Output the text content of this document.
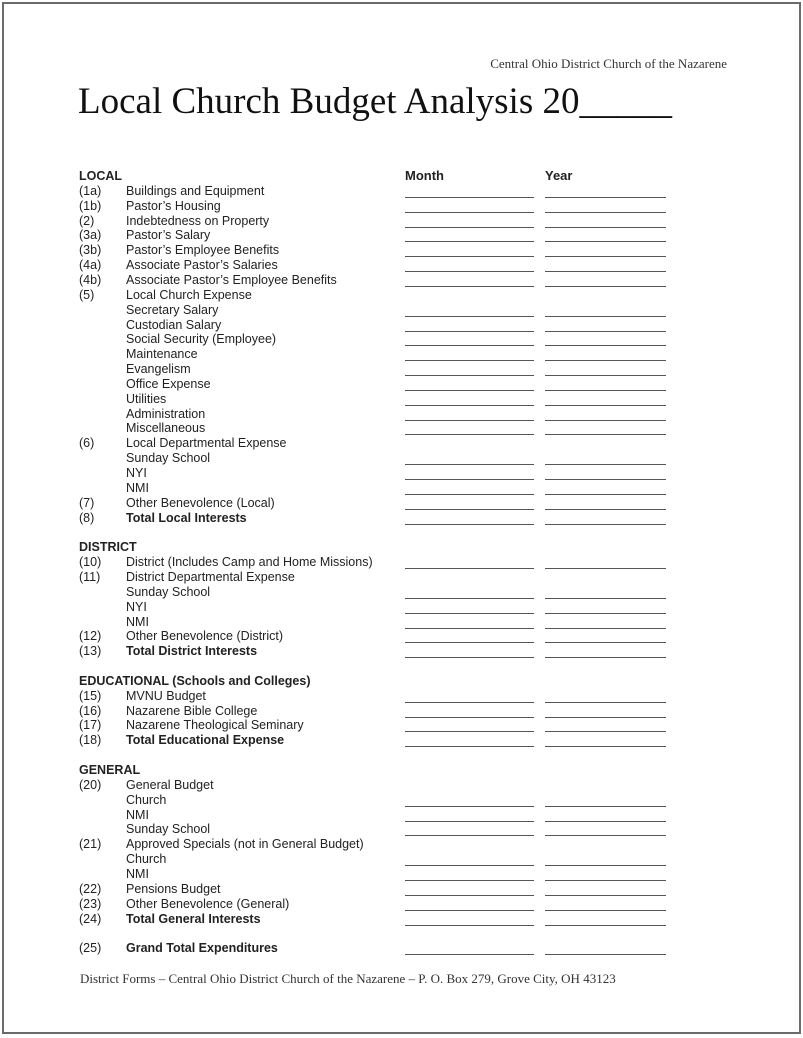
Central Ohio District Church of the Nazarene
Local Church Budget Analysis 20_____
Month	Year
LOCAL
(1a) Buildings and Equipment
(1b) Pastor’s Housing
(2)	Indebtedness on Property
(3a) Pastor’s Salary
(3b) Pastor’s Employee Benefits
(4a) Associate Pastor’s Salaries
(4b) Associate Pastor’s Employee Benefits
(5)	Local Church Expense
Secretary Salary
Custodian Salary
Social Security (Employee)
Maintenance
Evangelism
Office Expense
Utilities
Administration
Miscellaneous
(6)	Local Departmental Expense
Sunday School
NYI
NMI
(7)	Other Benevolence (Local)
(8)	Total Local Interests
DISTRICT
(10) District (Includes Camp and Home Missions)
(11) District Departmental Expense
Sunday School
NYI
NMI
(12) Other Benevolence (District)
(13) Total District Interests
EDUCATIONAL (Schools and Colleges)
(15) MVNU Budget
(16) Nazarene Bible College
(17) Nazarene Theological Seminary
(18) Total Educational Expense
GENERAL
(20) General Budget
Church
NMI
Sunday School
(21) Approved Specials (not in General Budget)
Church
NMI
(22) Pensions Budget
(23) Other Benevolence (General)
(24) Total General Interests
(25) Grand Total Expenditures
District Forms – Central Ohio District Church of the Nazarene – P. O. Box 279, Grove City, OH 43123
